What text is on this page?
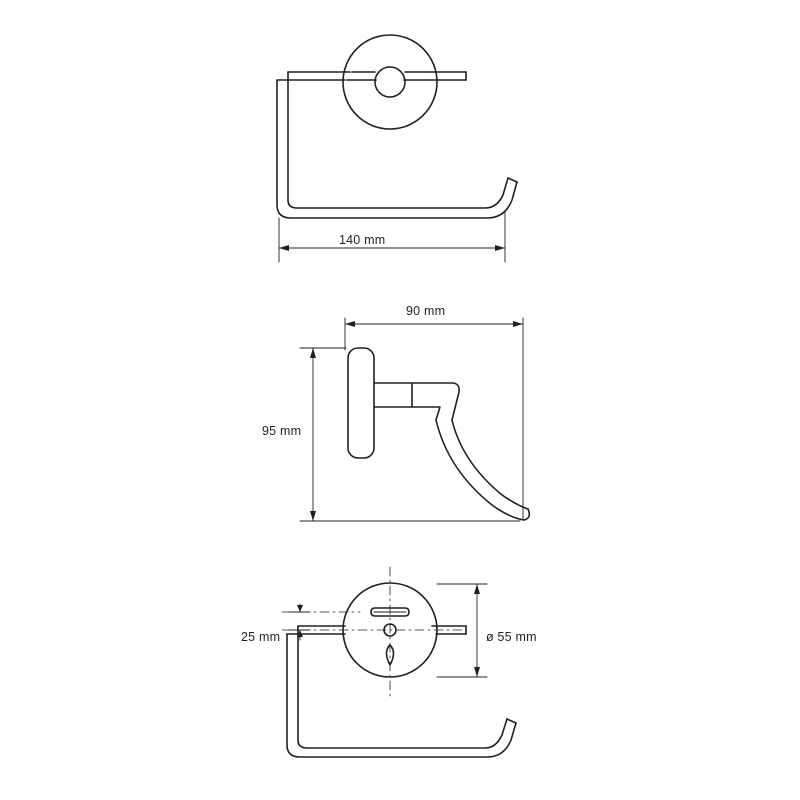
140 mm
90 mm
95 mm
25 mm	ø 55 mm
